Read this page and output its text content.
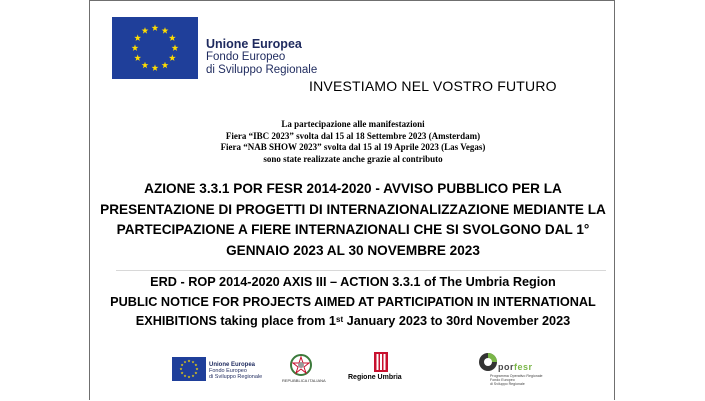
Unione Europea
Fondo Europeo
di Sviluppo Regionale
INVESTIAMO NEL VOSTRO FUTURO
La partecipazione alle manifestazioni
Fiera “IBC 2023” svolta dal 15 al 18 Settembre 2023 (Amsterdam)
Fiera “NAB SHOW 2023” svolta dal 15 al 19 Aprile 2023 (Las Vegas)
sono state realizzate anche grazie al contributo
AZIONE 3.3.1 POR FESR 2014-2020 - AVVISO PUBBLICO PER LA
PRESENTAZIONE DI PROGETTI DI INTERNAZIONALIZZAZIONE MEDIANTE LA
PARTECIPAZIONE A FIERE INTERNAZIONALI CHE SI SVOLGONO DAL 1°
GENNAIO 2023 AL 30 NOVEMBRE 2023
ERD - ROP 2014-2020 AXIS III – ACTION 3.3.1 of The Umbria Region
PUBLIC NOTICE FOR PROJECTS AIMED AT PARTICIPATION IN INTERNATIONAL
EXHIBITIONS taking place from 1st January 2023 to 30rd November 2023
Unione Europea
Fondo Europeo
di Sviluppo Regionale
REPUBBLICA ITALIANA	Regione Umbria
porfesr
Programma Operativo Regionale
Fondo Europeo
di Sviluppo Regionale
